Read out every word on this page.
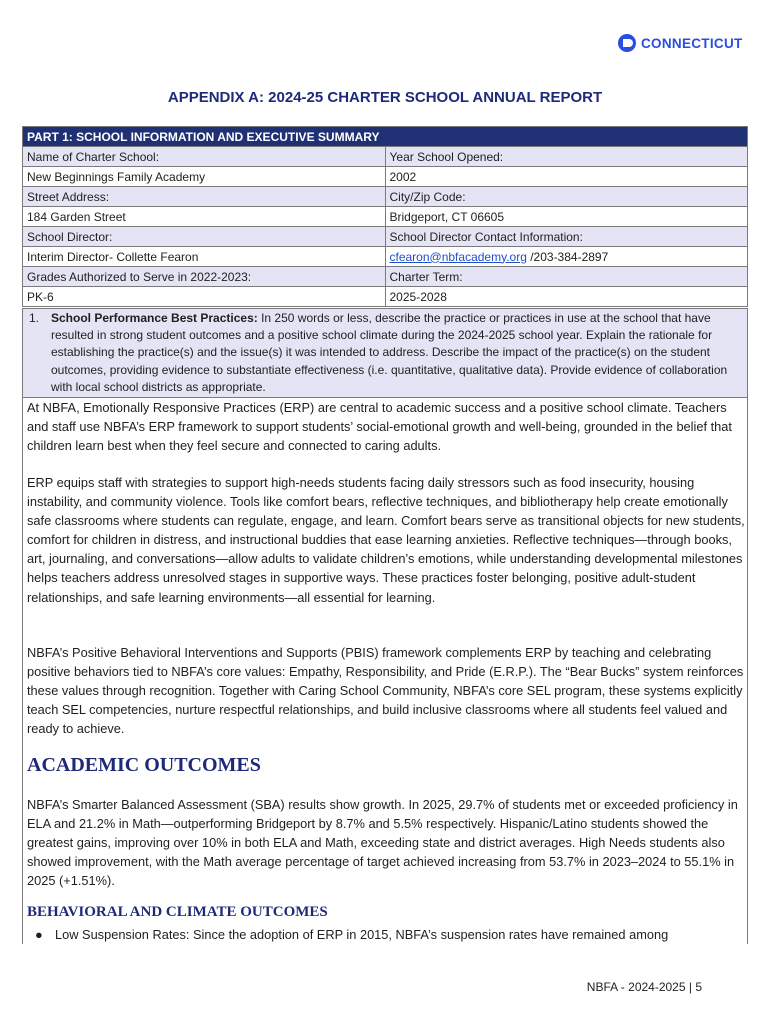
CONNECTICUT
APPENDIX A: 2024-25 CHARTER SCHOOL ANNUAL REPORT
PART 1: SCHOOL INFORMATION AND EXECUTIVE SUMMARY	
Name of Charter School:	Year School Opened:
New Beginnings Family Academy	2002
Street Address:	City/Zip Code:
184 Garden Street	Bridgeport, CT 06605
School Director:	School Director Contact Information:
Interim Director- Collette Fearon	cfearon@nbfacademy.org /203-384-2897
Grades Authorized to Serve in 2022-2023:	Charter Term:
PK-6	2025-2028
1. School Performance Best Practices: In 250 words or less, describe the practice or practices in use at the school that have resulted in strong student outcomes and a positive school climate during the 2024-2025 school year. Explain the rationale for establishing the practice(s) and the issue(s) it was intended to address. Describe the impact of the practice(s) on the student outcomes, providing evidence to substantiate effectiveness (i.e. quantitative, qualitative data). Provide evidence of collaboration with local school districts as appropriate.

At NBFA, Emotionally Responsive Practices (ERP) are central to academic success and a positive school climate. Teachers and staff use NBFA’s ERP framework to support students’ social-emotional growth and well-being, grounded in the belief that children learn best when they feel secure and connected to caring adults.

ERP equips staff with strategies to support high-needs students facing daily stressors such as food insecurity, housing instability, and community violence. Tools like comfort bears, reflective techniques, and bibliotherapy help create emotionally safe classrooms where students can regulate, engage, and learn. Comfort bears serve as transitional objects for new students, comfort for children in distress, and instructional buddies that ease learning anxieties. Reflective techniques—through books, art, journaling, and conversations—allow adults to validate children’s emotions, while understanding developmental milestones helps teachers address unresolved stages in supportive ways. These practices foster belonging, positive adult-student relationships, and safe learning environments—all essential for learning.

NBFA’s Positive Behavioral Interventions and Supports (PBIS) framework complements ERP by teaching and celebrating positive behaviors tied to NBFA’s core values: Empathy, Responsibility, and Pride (E.R.P.). The “Bear Bucks” system reinforces these values through recognition. Together with Caring School Community, NBFA’s core SEL program, these systems explicitly teach SEL competencies, nurture respectful relationships, and build inclusive classrooms where all students feel valued and ready to achieve.

ACADEMIC OUTCOMES

NBFA’s Smarter Balanced Assessment (SBA) results show growth. In 2025, 29.7% of students met or exceeded proficiency in ELA and 21.2% in Math—outperforming Bridgeport by 8.7% and 5.5% respectively. Hispanic/Latino students showed the greatest gains, improving over 10% in both ELA and Math, exceeding state and district averages. High Needs students also showed improvement, with the Math average percentage of target achieved increasing from 53.7% in 2023–2024 to 55.1% in 2025 (+1.51%).

BEHAVIORAL AND CLIMATE OUTCOMES
● Low Suspension Rates: Since the adoption of ERP in 2015, NBFA’s suspension rates have remained among
NBFA - 2024-2025 | 5
